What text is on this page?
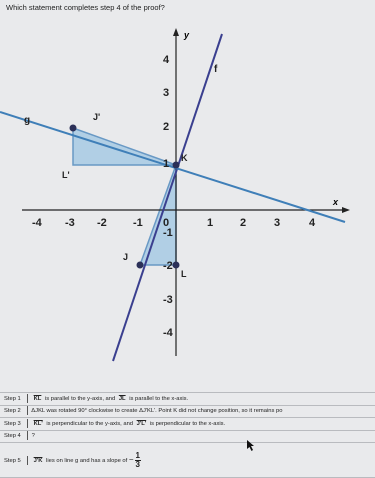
Which statement completes step 4 of the proof?
y
x
-4 -3 -2 -1 0	1 2	3	4
4
3
2
1
-1
-2
-3
-4
f
g	J'
L'
K
J
L
Step 1 $\overline{KL}$ is parallel to the y-axis, and $\overline{JL}$ is parallel to the x-axis.
Step 2 ΔJKL was rotated 90° clockwise to create ΔJ'KL'. Point K did not change position, so it remains po
Step 3 KL' is perpendicular to the y-axis, and J'L' is perpendicular to the x-axis.
Step 4 ?
Step 5 J'K lies on line g and has a slope of − $\frac{1}{3}$
